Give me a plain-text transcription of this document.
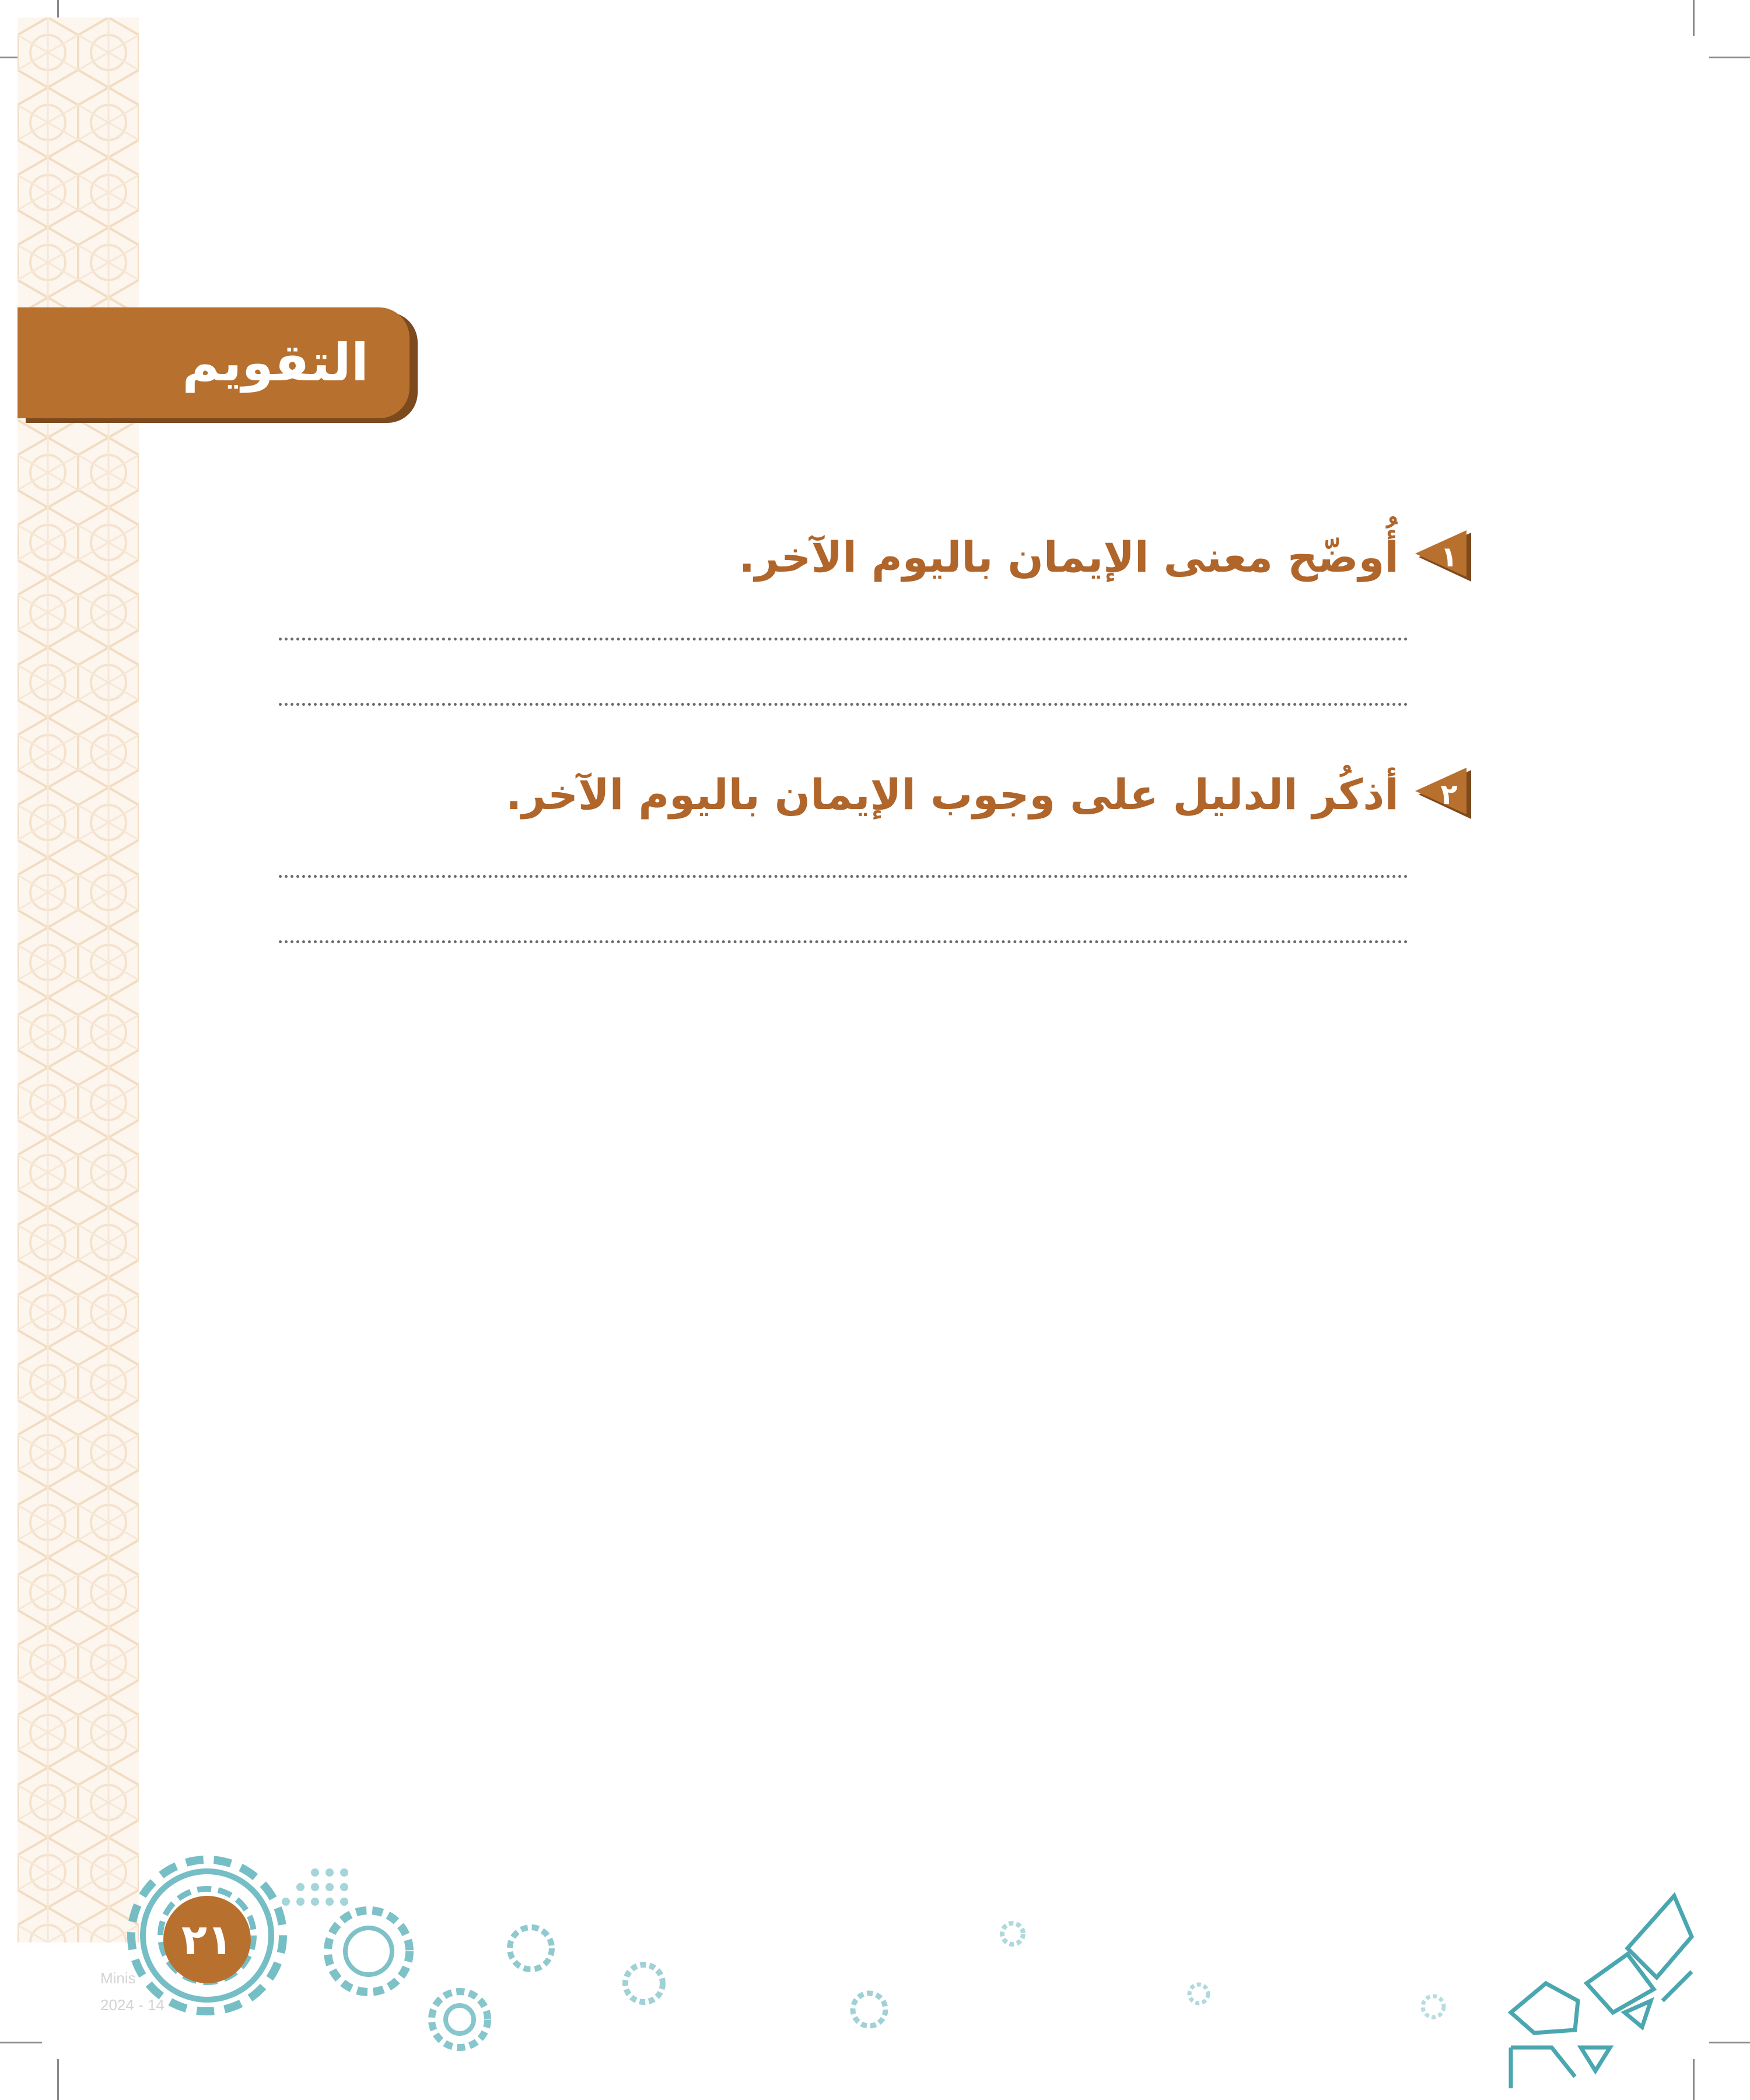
التقويم
١
أُوضّح معنى الإيمان باليوم الآخر.
٢
أذكُر الدليل على وجوب الإيمان باليوم الآخر.
Minis
2024 - 14
٢١
